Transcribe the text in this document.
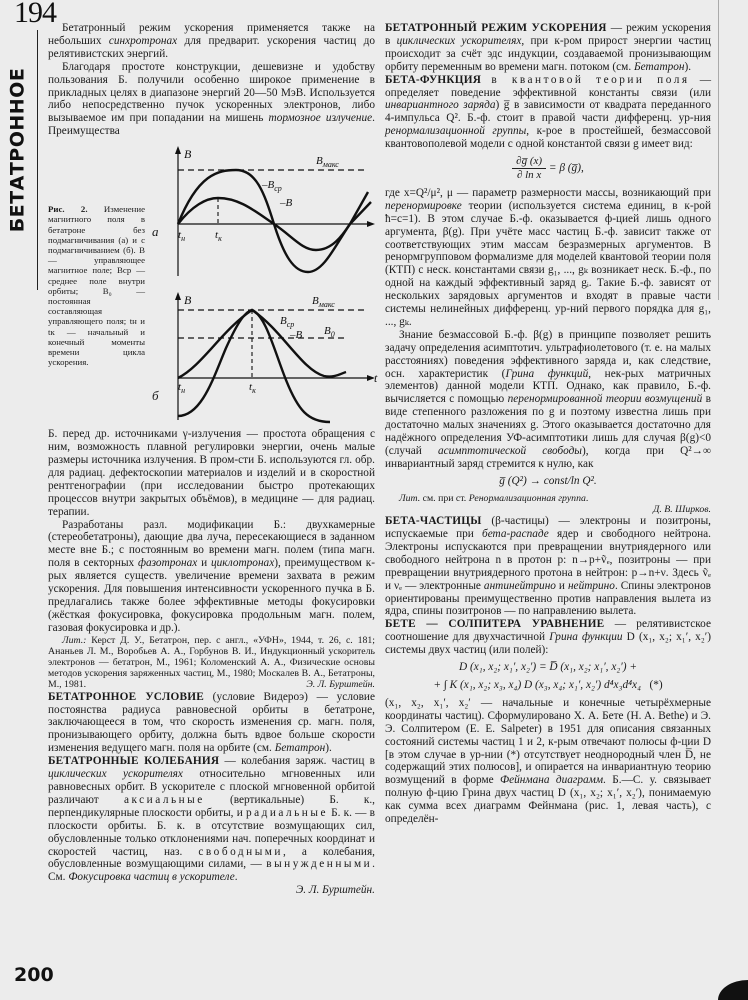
194
БЕТАТРОННОЕ
200

Бетатронный режим ускорения применяется также на небольших синхротронах для предварит. ускорения частиц до релятивистских энергий.

Благодаря простоте конструкции, дешевизне и удобству пользования Б. получили особенно широкое применение в прикладных целях в диапазоне энергий 20—50 МэВ. Используется либо непосредственно пучок ускоренных электронов, либо вызываемое им при попадании на мишень тормозное излучение. Преимущества

Рис. 2. Изменение магнитного поля в бетатроне без подмагничивания (а) и с подмагничиванием (б). B — управляющее магнитное поле; Bср — среднее поле внутри орбиты; B₀ — постоянная составляющая управляющего поля; tн и tк — начальный и конечный моменты времени цикла ускорения.
B	$B_{макс}$
$-B_{ср}$
–B
$t_н$	$t_к$
а
B	$B_{макс}$
$B_{ср}$
–B $B_0$
t
$t_н$	$t_к$
б

Б. перед др. источниками γ-излучения — простота обращения с ним, возможность плавной регулировки энергии, очень малые размеры источника излучения. В пром-сти Б. используются гл. обр. для радиац. дефектоскопии материалов и изделий и в скоростной рентгенографии (при исследовании быстро протекающих процессов внутри закрытых объёмов), в медицине — для радиац. терапии.

Разработаны разл. модификации Б.: двухкамерные (стереобетатроны), дающие два луча, пересекающиеся в заданном месте вне Б.; с постоянным во времени магн. полем (типа магн. поля в секторных фазотронах и циклотронах), преимуществом к-рых является существ. увеличение времени захвата в режим ускорения. Для повышения интенсивности ускоренного пучка в Б. предлагались также более эффективные методы фокусировки (жёсткая фокусировка, фокусировка продольным магн. полем, газовая фокусировка и др.).

Лит.: Керст Д. У., Бетатрон, пер. с англ., «УФН», 1944, т. 26, с. 181; Ананьев Л. М., Воробьев А. А., Горбунов В. И., Индукционный ускоритель электронов — бетатрон, М., 1961; Коломенский А. А., Физические основы методов ускорения заряженных частиц, М., 1980; Москалев В. А., Бетатроны, М., 1981.	Э. Л. Бурштейн.

БЕТАТРОННОЕ УСЛОВИЕ (условие Видероэ) — условие постоянства радиуса равновесной орбиты в бетатроне, заключающееся в том, что скорость изменения ср. магн. поля, пронизывающего орбиту, должна быть вдвое больше скорости изменения ведущего магн. поля на орбите (см. Бетатрон).

БЕТАТРОННЫЕ КОЛЕБАНИЯ — колебания заряж. частиц в циклических ускорителях относительно мгновенных или равновесных орбит. В ускорителе с плоской мгновенной орбитой различают аксиальные (вертикальные) Б. к., перпендикулярные плоскости орбиты, и радиальные Б. к. — в плоскости орбиты. Б. к. в отсутствие возмущающих сил, обусловленные только отклонениями нач. поперечных координат и скоростей частиц, наз. свободными, а колебания, обусловленные возмущающими силами, — вынужденными. См. Фокусировка частиц в ускорителе.

Э. Л. Бурштейн.

БЕТАТРОННЫЙ РЕЖИМ УСКОРЕНИЯ — режим ускорения в циклических ускорителях, при к-ром прирост энергии частиц происходит за счёт эдс индукции, создаваемой пронизывающим орбиту переменным во времени магн. потоком (см. Бетатрон).

БЕТА-ФУНКЦИЯ в квантовой теории поля — определяет поведение эффективной константы связи (или инвариантного заряда) g̅ в зависимости от квадрата переданного 4-импульса Q². Б.-ф. стоит в правой части дифференц. ур-ния ренормализационной группы, к-рое в простейшей, безмассовой квантовополевой модели с одной константой связи g имеет вид:

$\frac{\partial g̅ (x)}{\text{∂ ln x}} = \beta$ (g̅),

где x=Q²/μ², μ — параметр размерности массы, возникающий при перенормировке теории (используется система единиц, в к-рой ħ=c=1). В этом случае Б.-ф. оказывается ф-цией лишь одного аргумента, β(g). При учёте масс частиц Б.-ф. зависит также от соответствующих этим массам безразмерных аргументов. В ренормгрупповом формализме для моделей квантовой теории поля (КТП) с неск. константами связи g₁, ..., gₖ возникает неск. Б.-ф., по одной на каждый эффективный заряд gᵢ. Такие Б.-ф. зависят от нескольких зарядовых аргументов и входят в правые части системы нелинейных дифференц. ур-ний первого порядка для g₁, ..., gₖ.

Знание безмассовой Б.-ф. β(g) в принципе позволяет решить задачу определения асимптотич. ультрафиолетового (т. е. на малых расстояниях) поведения эффективного заряда и, как следствие, осн. характеристик (Грина функций, нек-рых матричных элементов) данной модели КТП. Однако, как правило, Б.-ф. вычисляется с помощью перенормированной теории возмущений в виде степенного разложения по g и поэтому известна лишь при достаточно малых значениях g. Этого оказывается достаточно для надёжного определения УФ-асимптотики лишь для случая β(g)<0 (случай асимптотической свободы), когда при Q²→∞ инвариантный заряд стремится к нулю, как

g̅ (Q²) → const/ln Q².

Лит. см. при ст. Ренормализационная группа.

Д. В. Ширков.

БЕТА-ЧАСТИЦЫ (β-частицы) — электроны и позитроны, испускаемые при бета-распаде ядер и свободного нейтрона. Электроны испускаются при превращении внутриядерного или свободного нейтрона n в протон p: n→p+ṽₑ, позитроны — при превращении внутриядерного протона в нейтрон: p→n+ν. Здесь ṽₑ и νₑ — электронные антинейтрино и нейтрино. Спины электронов ориентированы преимущественно против направления вылета из ядра, спины позитронов — по направлению вылета.

БЕТЕ — СОЛПИТЕРА УРАВНЕНИЕ — релятивистское соотношение для двухчастичной Грина функции D (x₁, x₂; x₁′, x₂′) системы двух частиц (или полей):

D (x₁, x₂; x₁′, x₂′) = D̅ (x₁, x₂; x₁′, x₂′) +

+ ∫ K (x₁, x₂; x₃, x₄) D (x₃, x₄; x₁′, x₂′) d⁴x₃d⁴x₄ (*)

(x₁, x₂, x₁′, x₂′ — начальные и конечные четырёхмерные координаты частиц). Сформулировано Х. А. Бете (H. A. Bethe) и Э. Э. Солпитером (E. E. Salpeter) в 1951 для описания связанных состояний системы частиц 1 и 2, к-рым отвечают полюсы ф-ции D [в этом случае в ур-нии (*) отсутствует неоднородный член D̅, не содержащий этих полюсов], и опирается на инвариантную теорию возмущений в форме Фейнмана диаграмм. Б.—С. у. связывает полную ф-цию Грина двух частиц D (x₁, x₂; x₁′, x₂′), понимаемую как сумма всех диаграмм Фейнмана (рис. 1, левая часть), с определён-
